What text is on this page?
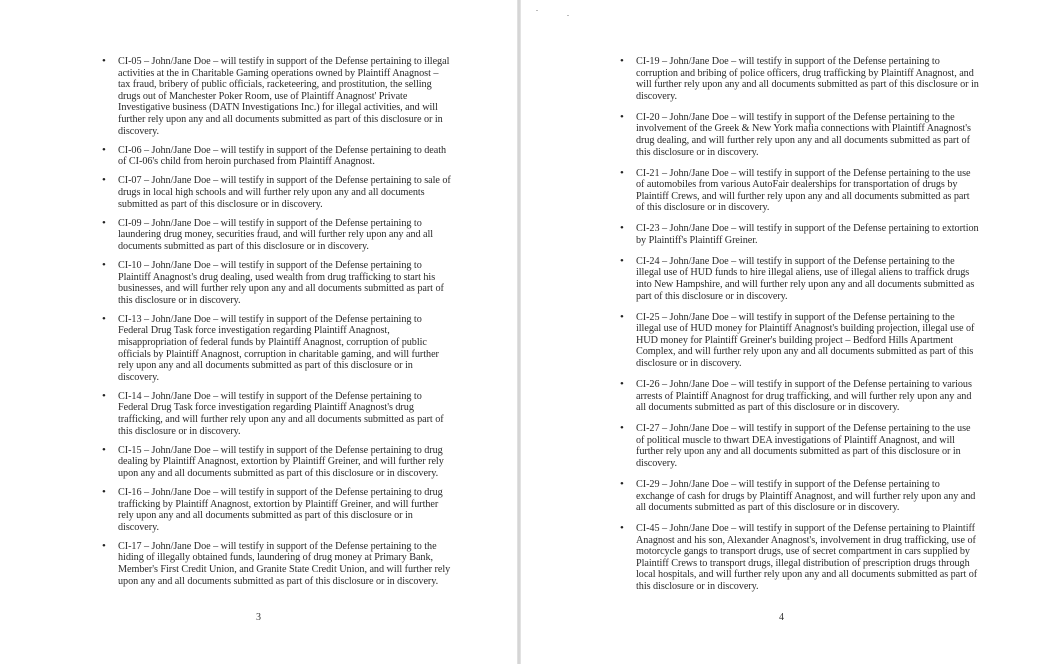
• CI-05 – John/Jane Doe – will testify in support of the Defense pertaining to illegal activities at the in Charitable Gaming operations owned by Plaintiff Anagnost – tax fraud, bribery of public officials, racketeering, and prostitution, the selling drugs out of Manchester Poker Room, use of Plaintiff Anagnost' Private Investigative business (DATN Investigations Inc.) for illegal activities, and will further rely upon any and all documents submitted as part of this disclosure or in discovery.
• CI-06 – John/Jane Doe – will testify in support of the Defense pertaining to death of CI-06's child from heroin purchased from Plaintiff Anagnost.
• CI-07 – John/Jane Doe – will testify in support of the Defense pertaining to sale of drugs in local high schools and will further rely upon any and all documents submitted as part of this disclosure or in discovery.
• CI-09 – John/Jane Doe – will testify in support of the Defense pertaining to laundering drug money, securities fraud, and will further rely upon any and all documents submitted as part of this disclosure or in discovery.
• CI-10 – John/Jane Doe – will testify in support of the Defense pertaining to Plaintiff Anagnost's drug dealing, used wealth from drug trafficking to start his businesses, and will further rely upon any and all documents submitted as part of this disclosure or in discovery.
• CI-13 – John/Jane Doe – will testify in support of the Defense pertaining to Federal Drug Task force investigation regarding Plaintiff Anagnost, misappropriation of federal funds by Plaintiff Anagnost, corruption of public officials by Plaintiff Anagnost, corruption in charitable gaming, and will further rely upon any and all documents submitted as part of this disclosure or in discovery.
• CI-14 – John/Jane Doe – will testify in support of the Defense pertaining to Federal Drug Task force investigation regarding Plaintiff Anagnost's drug trafficking, and will further rely upon any and all documents submitted as part of this disclosure or in discovery.
• CI-15 – John/Jane Doe – will testify in support of the Defense pertaining to drug dealing by Plaintiff Anagnost, extortion by Plaintiff Greiner, and will further rely upon any and all documents submitted as part of this disclosure or in discovery.
• CI-16 – John/Jane Doe – will testify in support of the Defense pertaining to drug trafficking by Plaintiff Anagnost, extortion by Plaintiff Greiner, and will further rely upon any and all documents submitted as part of this disclosure or in discovery.
• CI-17 – John/Jane Doe – will testify in support of the Defense pertaining to the hiding of illegally obtained funds, laundering of drug money at Primary Bank, Member's First Credit Union, and Granite State Credit Union, and will further rely upon any and all documents submitted as part of this disclosure or in discovery.
3
• CI-19 – John/Jane Doe – will testify in support of the Defense pertaining to corruption and bribing of police officers, drug trafficking by Plaintiff Anagnost, and will further rely upon any and all documents submitted as part of this disclosure or in discovery.
• CI-20 – John/Jane Doe – will testify in support of the Defense pertaining to the involvement of the Greek & New York mafia connections with Plaintiff Anagnost's drug dealing, and will further rely upon any and all documents submitted as part of this disclosure or in discovery.
• CI-21 – John/Jane Doe – will testify in support of the Defense pertaining to the use of automobiles from various AutoFair dealerships for transportation of drugs by Plaintiff Crews, and will further rely upon any and all documents submitted as part of this disclosure or in discovery.
• CI-23 – John/Jane Doe – will testify in support of the Defense pertaining to extortion by Plaintiff's Plaintiff Greiner.
• CI-24 – John/Jane Doe – will testify in support of the Defense pertaining to the illegal use of HUD funds to hire illegal aliens, use of illegal aliens to traffick drugs into New Hampshire, and will further rely upon any and all documents submitted as part of this disclosure or in discovery.
• CI-25 – John/Jane Doe – will testify in support of the Defense pertaining to the illegal use of HUD money for Plaintiff Anagnost's building projection, illegal use of HUD money for Plaintiff Greiner's building project – Bedford Hills Apartment Complex, and will further rely upon any and all documents submitted as part of this disclosure or in discovery.
• CI-26 – John/Jane Doe – will testify in support of the Defense pertaining to various arrests of Plaintiff Anagnost for drug trafficking, and will further rely upon any and all documents submitted as part of this disclosure or in discovery.
• CI-27 – John/Jane Doe – will testify in support of the Defense pertaining to the use of political muscle to thwart DEA investigations of Plaintiff Anagnost, and will further rely upon any and all documents submitted as part of this disclosure or in discovery.
• CI-29 – John/Jane Doe – will testify in support of the Defense pertaining to exchange of cash for drugs by Plaintiff Anagnost, and will further rely upon any and all documents submitted as part of this disclosure or in discovery.
• CI-45 – John/Jane Doe – will testify in support of the Defense pertaining to Plaintiff Anagnost and his son, Alexander Anagnost's, involvement in drug trafficking, use of motorcycle gangs to transport drugs, use of secret compartment in cars supplied by Plaintiff Crews to transport drugs, illegal distribution of prescription drugs through local hospitals, and will further rely upon any and all documents submitted as part of this disclosure or in discovery.
4
